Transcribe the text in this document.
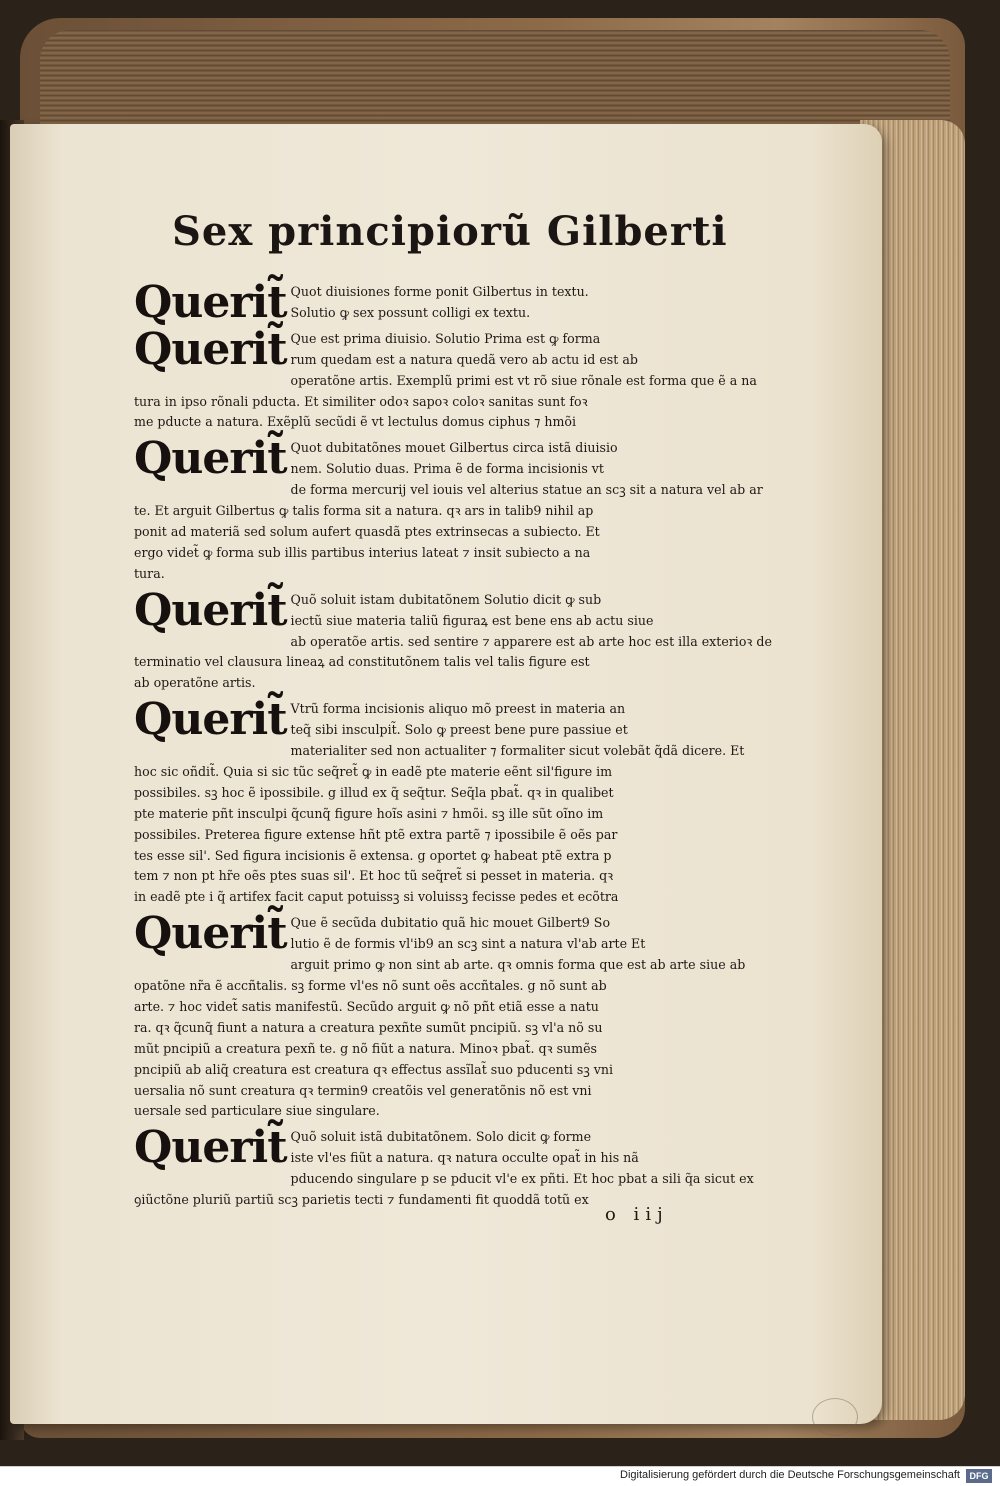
Sex principiorũ Gilberti
Querit̃ Quot diuisiones forme ponit Gilbertus in textu.
Solutio ꝙ sex possunt colligi ex textu.
Querit̃ Que est prima diuisio. Solutio Prima est ꝙ forma
rum quedam est a natura quedã vero ab actu id est ab
operatõne artis. Exemplũ primi est vt rõ siue rõnale est forma que ẽ a na
tura in ipso rõnali pducta. Et similiter odoꝛ sapoꝛ coloꝛ sanitas sunt foꝛ
me pducte a natura. Exẽplũ secũdi ẽ vt lectulus domus ciphus ⁊ hmõi
Querit̃ Quot dubitatõnes mouet Gilbertus circa istã diuisio
nem. Solutio duas. Prima ẽ de forma incisionis vt
de forma mercurij vel iouis vel alterius statue an scꝫ sit a natura vel ab ar
te. Et arguit Gilbertus ꝙ talis forma sit a natura. qꝛ ars in talib9 nihil ap
ponit ad materiã sed solum aufert quasdã ptes extrinsecas a subiecto. Et
ergo videt̃ ꝙ forma sub illis partibus interius lateat ⁊ insit subiecto a na
tura.
Querit̃ Quõ soluit istam dubitatõnem Solutio dicit ꝙ sub
iectũ siue materia taliũ figuraꝝ est bene ens ab actu siue
ab operatõe artis. sed sentire ⁊ apparere est ab arte hoc est illa exterioꝛ de
terminatio vel clausura lineaꝝ ad constitutõnem talis vel talis figure est
ab operatõne artis.
Querit̃ Vtrũ forma incisionis aliquo mõ preest in materia an
teq̃ sibi insculpit̃. Solo ꝙ preest bene pure passiue et
materialiter sed non actualiter ⁊ formaliter sicut volebãt q̃dã dicere. Et
hoc sic oñdit̃. Quia si sic tũc seq̃ret̃ ꝙ in eadẽ pte materie eẽnt sil'figure im
possibiles. sꝫ hoc ẽ ipossibile. g illud ex q̃ seq̃tur. Seq̃la pbat̃. qꝛ in qualibet
pte materie pñt insculpi q̃cunq̃ figure hoĩs asini ⁊ hmõi. sꝫ ille sũt oĩno im
possibiles. Preterea figure extense hñt ptẽ extra partẽ ⁊ ipossibile ẽ oẽs par
tes esse sil'. Sed figura incisionis ẽ extensa. g oportet ꝙ habeat ptẽ extra p
tem ⁊ non pt hr̃e oẽs ptes suas sil'. Et hoc tũ seq̃ret̃ si pesset in materia. qꝛ
in eadẽ pte i q̃ artifex facit caput potuissꝫ si voluissꝫ fecisse pedes et ecõtra
Querit̃ Que ẽ secũda dubitatio quã hic mouet Gilbert9 So
lutio ẽ de formis vl'ib9 an scꝫ sint a natura vl'ab arte Et
arguit primo ꝙ non sint ab arte. qꝛ omnis forma que est ab arte siue ab
opatõne nr̃a ẽ accñtalis. sꝫ forme vl'es nõ sunt oẽs accñtales. g nõ sunt ab
arte. ⁊ hoc videt̃ satis manifestũ. Secũdo arguit ꝙ nõ pñt etiã esse a natu
ra. qꝛ q̃cunq̃ fiunt a natura a creatura pexñte sumũt pncipiũ. sꝫ vl'a nõ su
mũt pncipiũ a creatura pexñ te. g nõ fiũt a natura. Minoꝛ pbat̃. qꝛ sumẽs
pncipiũ ab aliq̃ creatura est creatura qꝛ effectus assĩlat̃ suo pducenti sꝫ vni
uersalia nõ sunt creatura qꝛ termin9 creatõis vel generatõnis nõ est vni
uersale sed particulare siue singulare.
Querit̃ Quõ soluit istã dubitatõnem. Solo dicit ꝙ forme
iste vl'es fiũt a natura. qꝛ natura occulte opat̃ in his nã
pducendo singulare p se pducit vl'e ex pñti. Et hoc pbat a sili q̃a sicut ex
ꝯiũctõne pluriũ partiũ scꝫ parietis tecti ⁊ fundamenti fit quoddã totũ ex
o iij
Digitalisierung gefördert durch die Deutsche Forschungsgemeinschaft	DFG
